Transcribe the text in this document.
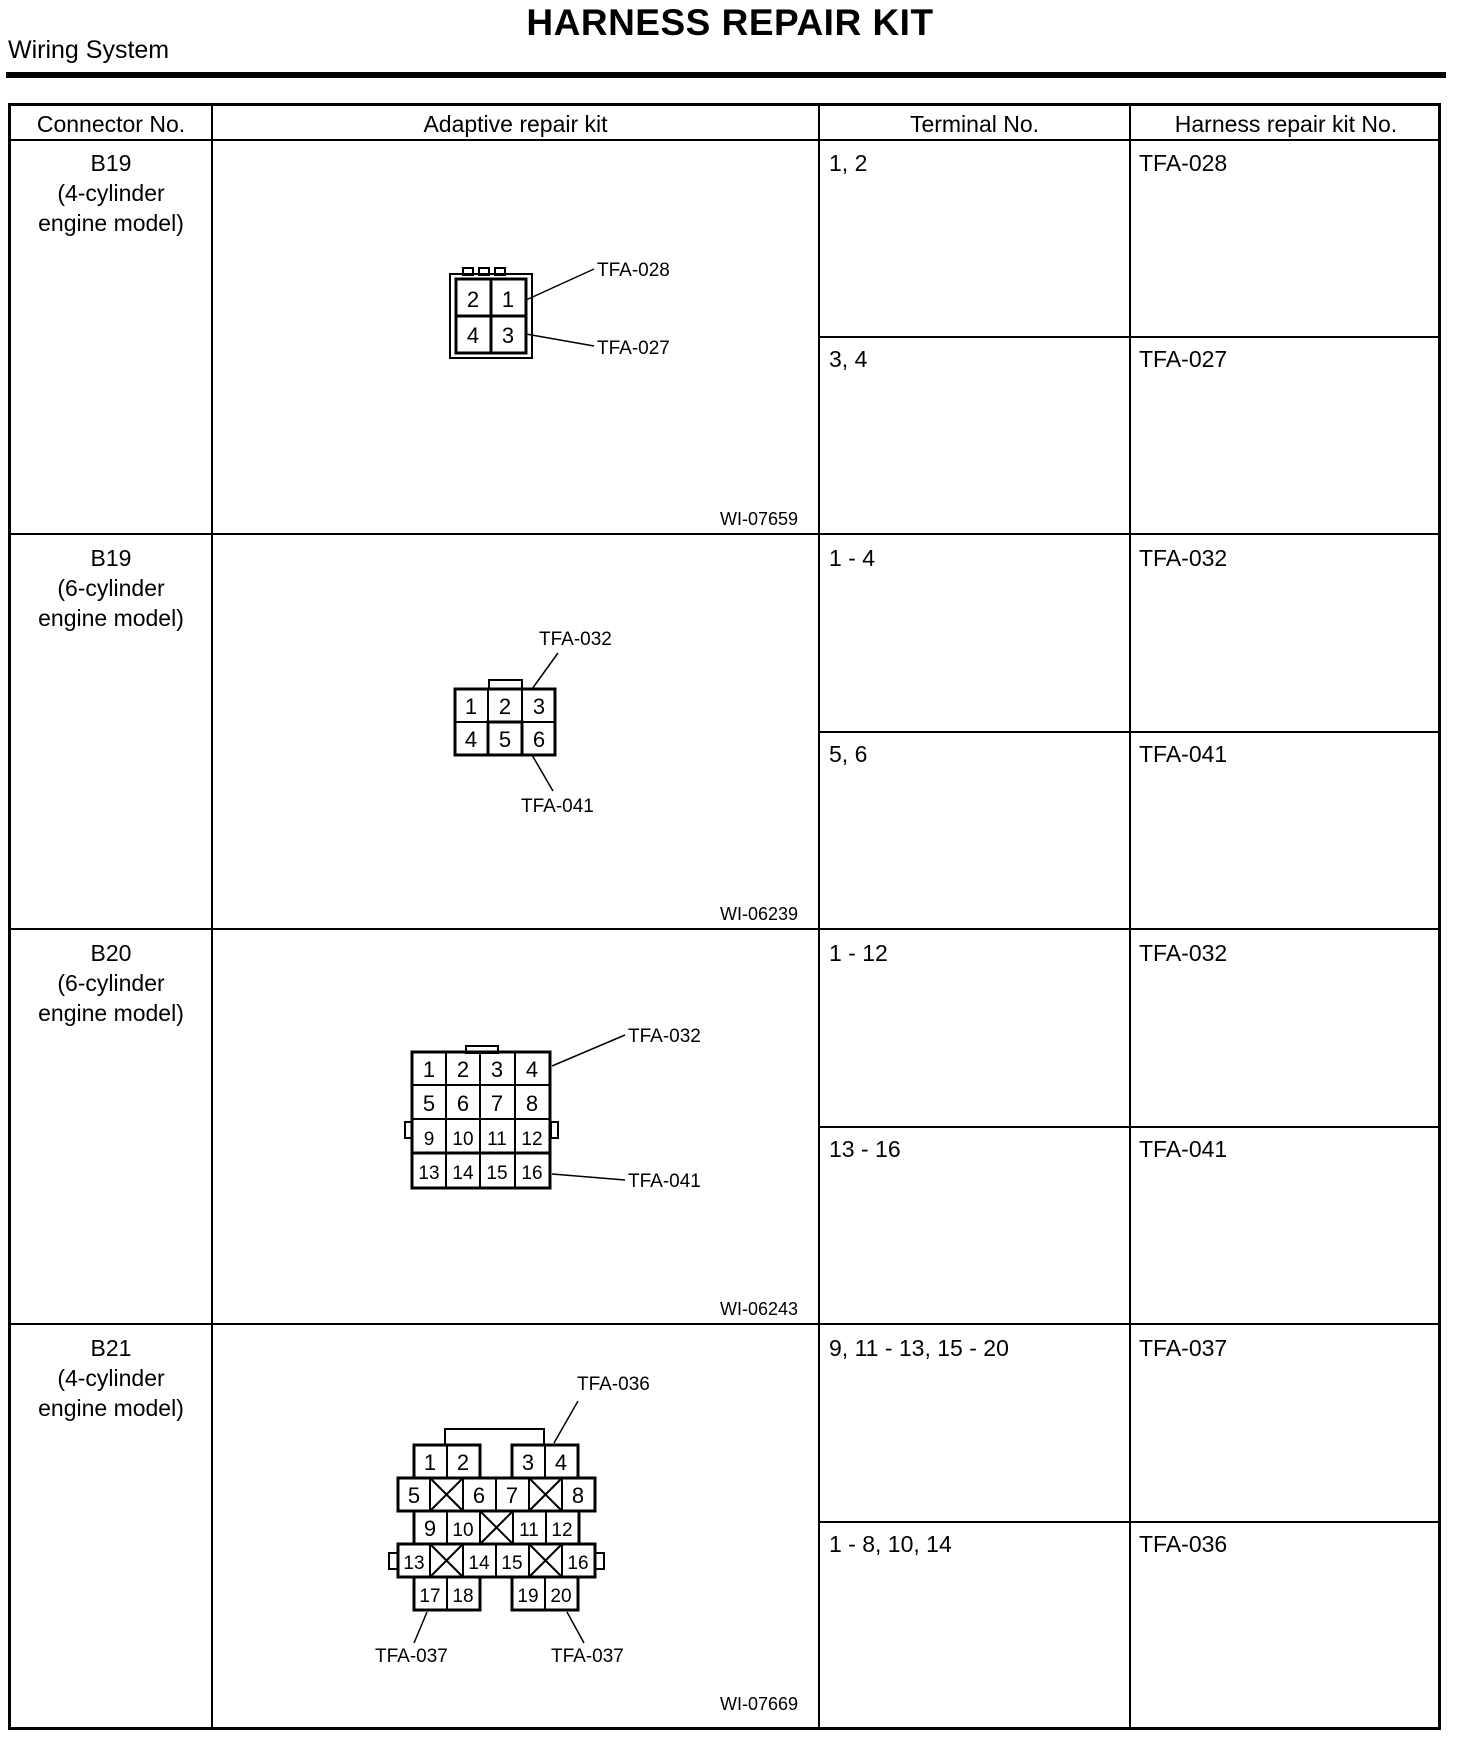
HARNESS REPAIR KIT
Wiring System
Connector No.	Adaptive repair kit	Terminal No.	Harness repair kit No.
B19
(4-cylinder
engine model)
1, 2	TFA-028
3, 4	TFA-027
2 1
4 3
TFA-028
TFA-027
WI-07659
B19
(6-cylinder
engine model)
1 - 4	TFA-032
5, 6	TFA-041
1 2 3
4 5 6
TFA-032
TFA-041
WI-06239
B20
(6-cylinder
engine model)
1 - 12	TFA-032
13 - 16	TFA-041
1 2 3 4
5 6 7 8
9 10 11 12
13 14 15 16
TFA-032
TFA-041
WI-06243
B21
(4-cylinder
engine model)
9, 11 - 13, 15 - 20	TFA-037
1 - 8, 10, 14	TFA-036
1 2 3 4
5 6 7 8
9 10 11 12
13 14 15 16
17 18 19 20
TFA-036
TFA-037	TFA-037
WI-07669
